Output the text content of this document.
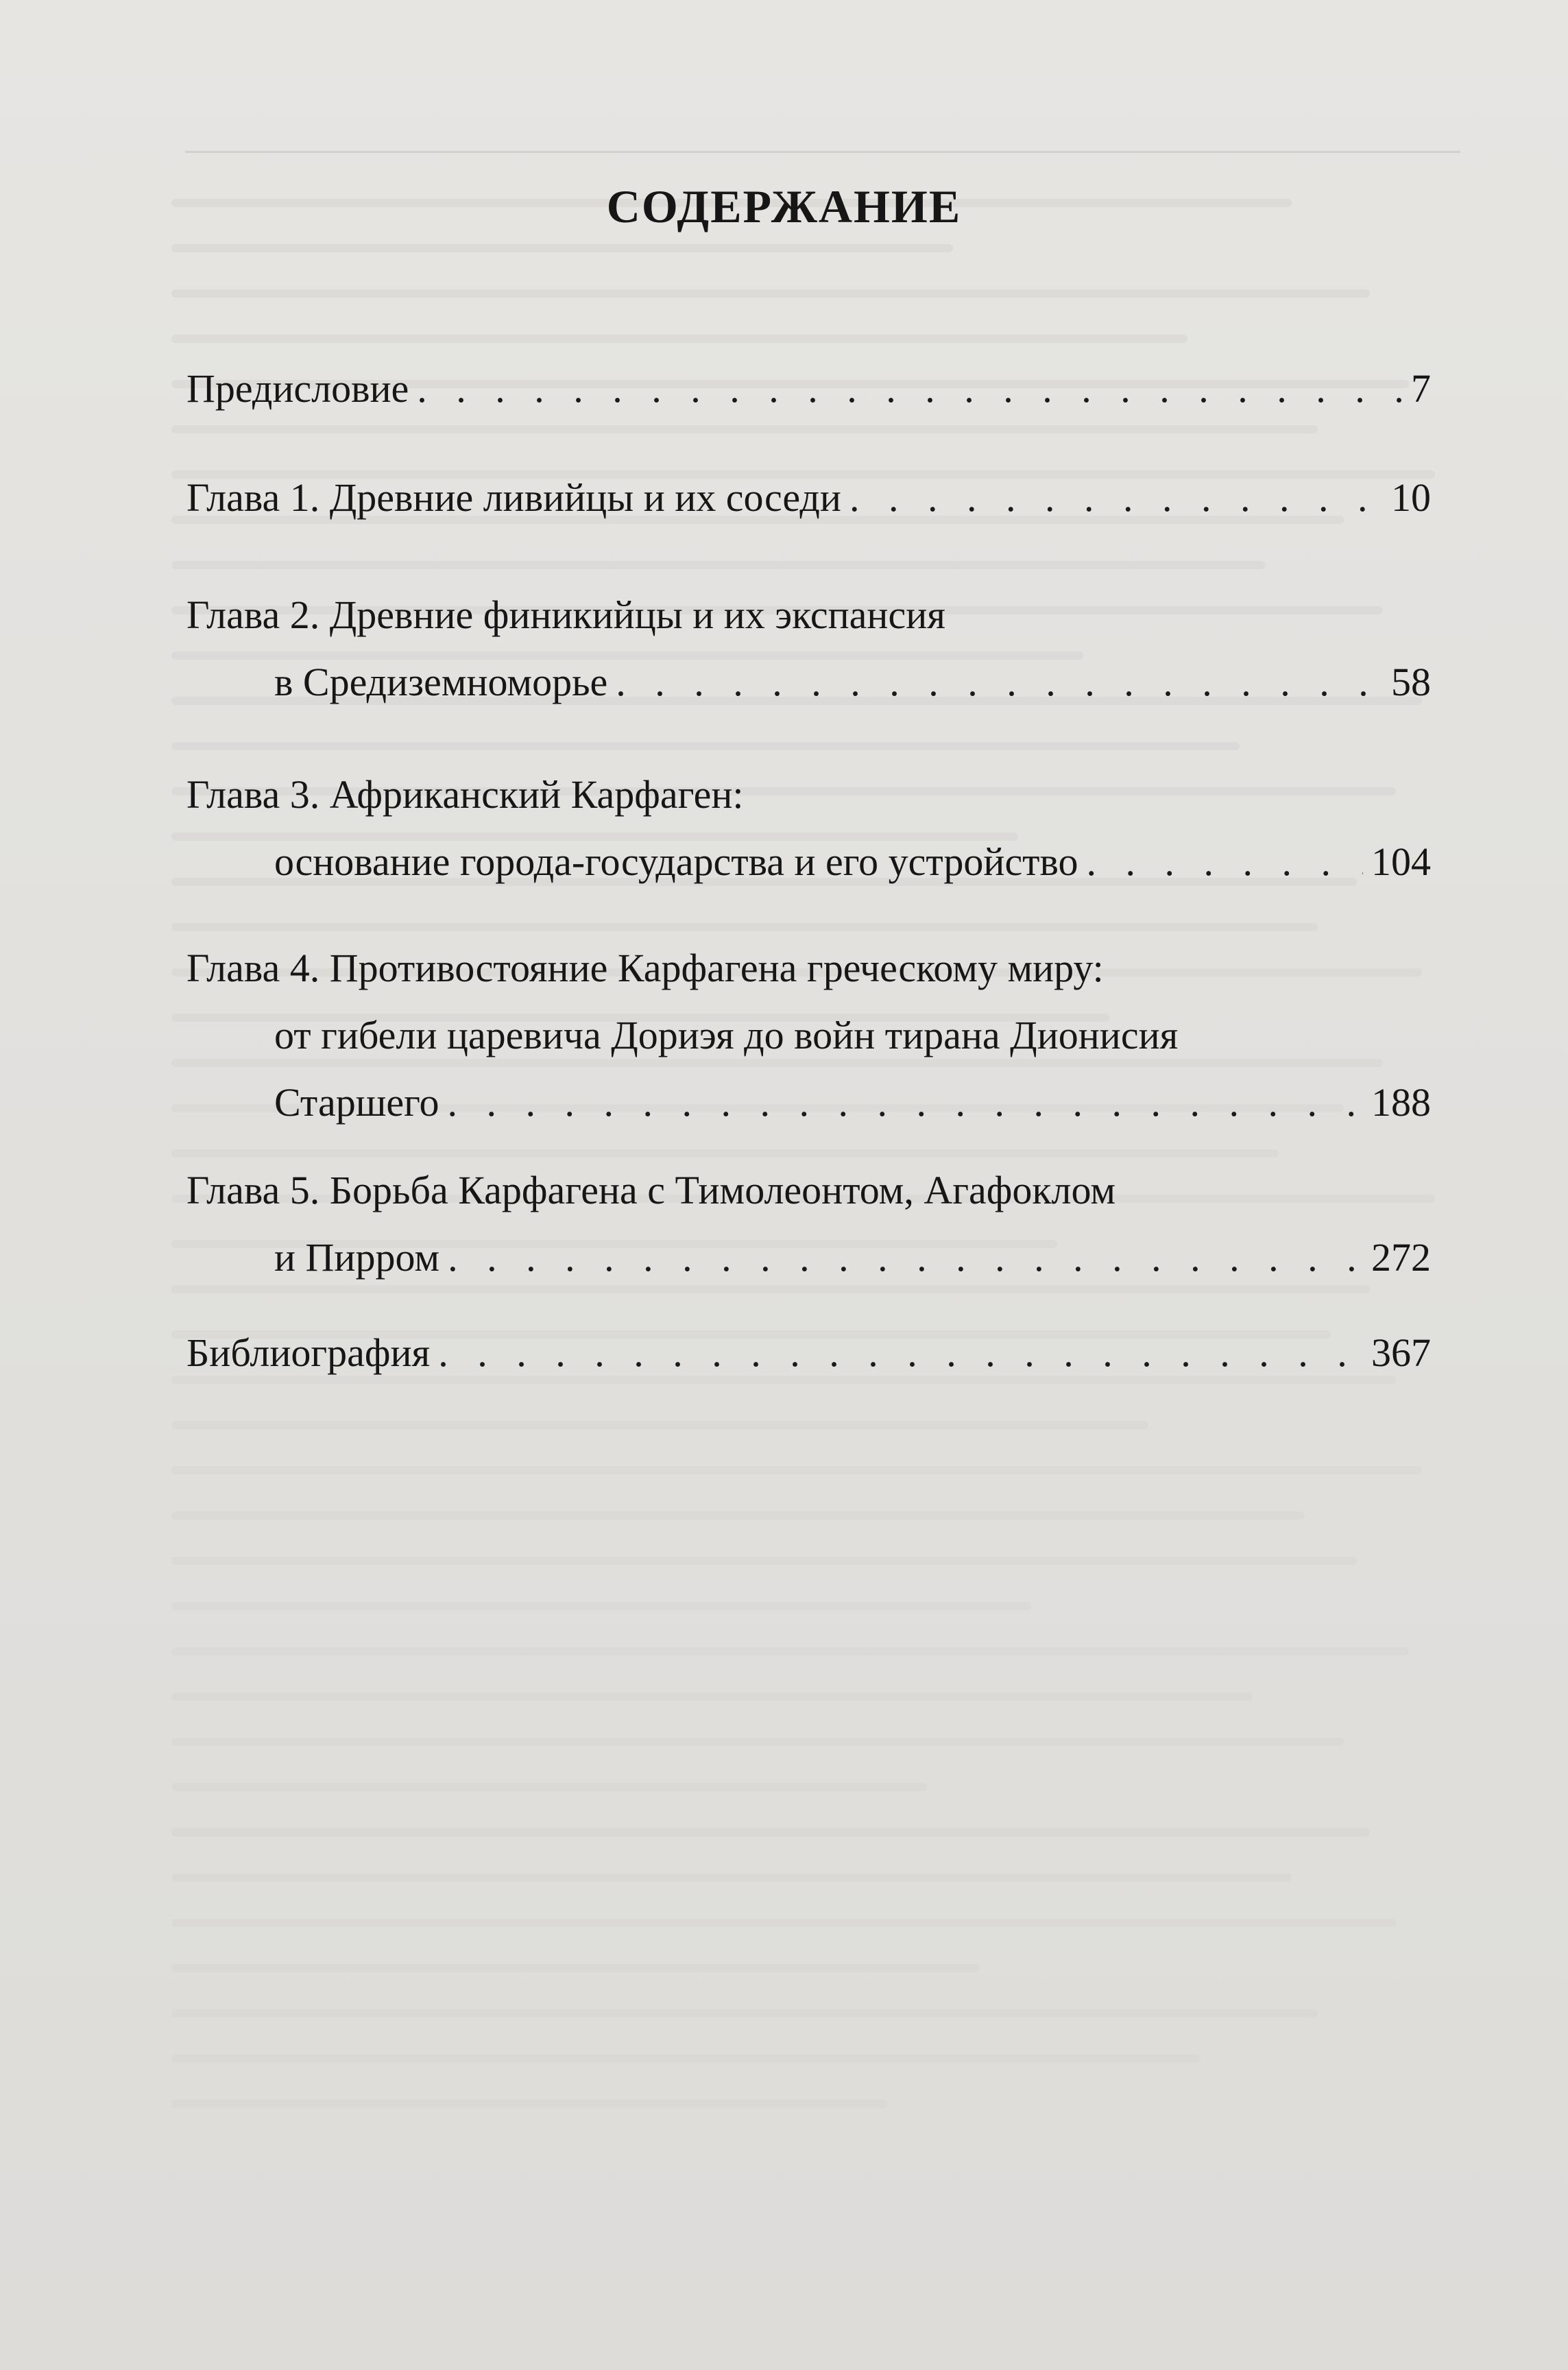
СОДЕРЖАНИЕ
Предисловие . . .	7
Глава 1. Древние ливийцы и их соседи . . .	10
Глава 2. Древние финикийцы и их экспансия
в Средиземноморье . . .	58
Глава 3. Африканский Карфаген:
основание города-государства и его устройство . . .	104
Глава 4. Противостояние Карфагена греческому миру:
от гибели царевича Дориэя до войн тирана Дионисия
Старшего . . .	188
Глава 5. Борьба Карфагена с Тимолеонтом, Агафоклом
и Пирром . . .	272
Библиография . . .	367
